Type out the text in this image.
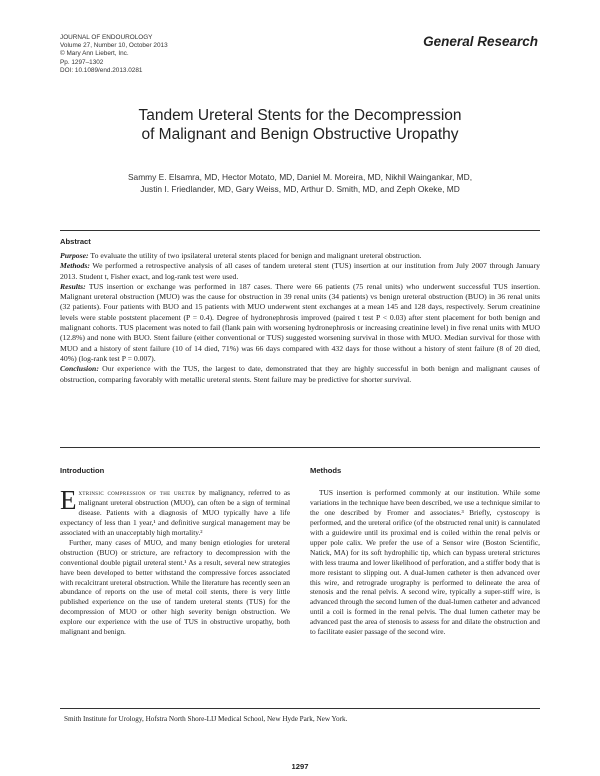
JOURNAL OF ENDOUROLOGY
Volume 27, Number 10, October 2013
© Mary Ann Liebert, Inc.
Pp. 1297–1302
DOI: 10.1089/end.2013.0281
General Research
Tandem Ureteral Stents for the Decompression
of Malignant and Benign Obstructive Uropathy
Sammy E. Elsamra, MD, Hector Motato, MD, Daniel M. Moreira, MD, Nikhil Waingankar, MD,
Justin I. Friedlander, MD, Gary Weiss, MD, Arthur D. Smith, MD, and Zeph Okeke, MD
Abstract

Purpose: To evaluate the utility of two ipsilateral ureteral stents placed for benign and malignant ureteral obstruction.

Methods: We performed a retrospective analysis of all cases of tandem ureteral stent (TUS) insertion at our institution from July 2007 through January 2013. Student t, Fisher exact, and log-rank test were used.

Results: TUS insertion or exchange was performed in 187 cases. There were 66 patients (75 renal units) who underwent successful TUS insertion. Malignant ureteral obstruction (MUO) was the cause for obstruction in 39 renal units (34 patients) vs benign ureteral obstruction (BUO) in 36 renal units (32 patients). Four patients with BUO and 15 patients with MUO underwent stent exchanges at a mean 145 and 128 days, respectively. Serum creatinine levels were stable poststent placement (P = 0.4). Degree of hydronephrosis improved (paired t test P < 0.03) after stent placement for both benign and malignant cohorts. TUS placement was noted to fail (flank pain with worsening hydronephrosis or increasing creatinine level) in five renal units with MUO (12.8%) and none with BUO. Stent failure (either conventional or TUS) suggested worsening survival in those with MUO. Median survival for those with MUO and a history of stent failure (10 of 14 died, 71%) was 66 days compared with 432 days for those without a history of stent failure (8 of 20 died, 40%) (log-rank test P = 0.007).

Conclusion: Our experience with the TUS, the largest to date, demonstrated that they are highly successful in both benign and malignant causes of obstruction, comparing favorably with metallic ureteral stents. Stent failure may be predictive for shorter survival.

Introduction

Extrinsic compression of the ureter by malignancy, referred to as malignant ureteral obstruction (MUO), can often be a sign of terminal disease. Patients with a diagnosis of MUO typically have a life expectancy of less than 1 year,¹ and definitive surgical management may be associated with an unacceptably high mortality.²

Further, many cases of MUO, and many benign etiologies for ureteral obstruction (BUO) or stricture, are refractory to decompression with the conventional double pigtail ureteral stent.¹ As a result, several new strategies have been developed to better withstand the compressive forces associated with recalcitrant ureteral obstruction. While the literature has recently seen an abundance of reports on the use of metal coil stents, there is very little published experience on the use of tandem ureteral stents (TUS) for the decompression of MUO or other high severity benign obstruction. We explore our experience with the use of TUS in obstructive uropathy, both malignant and benign.

Methods

TUS insertion is performed commonly at our institution. While some variations in the technique have been described, we use a technique similar to the one described by Fromer and associates.³ Briefly, cystoscopy is performed, and the ureteral orifice (of the obstructed renal unit) is cannulated with a guidewire until its proximal end is coiled within the renal pelvis or upper pole calix. We prefer the use of a Sensor wire (Boston Scientific, Natick, MA) for its soft hydrophilic tip, which can bypass ureteral strictures with less trauma and lower likelihood of perforation, and a stiffer body that is more resistant to slipping out. A dual-lumen catheter is then advanced over this wire, and retrograde urography is performed to delineate the area of stenosis and the renal pelvis. A second wire, typically a super-stiff wire, is advanced through the second lumen of the dual-lumen catheter and advanced until a coil is formed in the renal pelvis. The dual lumen catheter may be advanced past the area of stenosis to assess for and dilate the obstruction and to facilitate easier passage of the second wire.

Smith Institute for Urology, Hofstra North Shore-LIJ Medical School, New Hyde Park, New York.
1297
